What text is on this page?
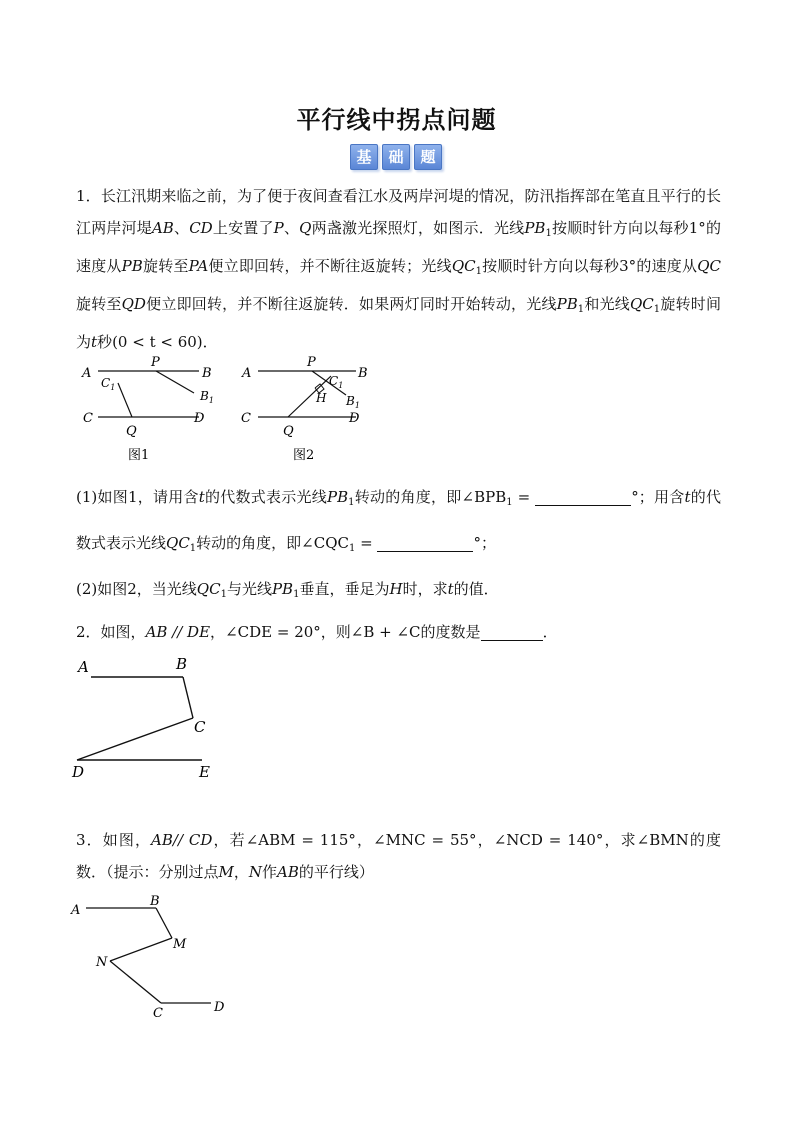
平行线中拐点问题
基	础	题
1．长江汛期来临之前，为了便于夜间查看江水及两岸河堤的情况，防汛指挥部在笔直且平行的长江两岸河堤AB、CD上安置了P、Q两盏激光探照灯，如图示．光线$PB_1$按顺时针方向以每秒1°的速度从PB旋转至PA便立即回转，并不断往返旋转；光线$QC_1$按顺时针方向以每秒3°的速度从QC旋转至QD便立即回转，并不断往返旋转．如果两灯同时开始转动，光线$PB_1$和光线$QC_1$旋转时间为t秒(0 < t < 60)．
A
P
B
$C_1$
$B_1$
C
Q
D
图1
A
P
B
$C_1$
H $B_1$
C
Q
D
图2
(1)如图1，请用含t的代数式表示光线$PB_1$转动的角度，即$\angle BPB_1$ =	°；用含t的代数式表示光线$QC_1$转动的角度，即$\angle CQC_1$ =	°；
(2)如图2，当光线$QC_1$与光线$PB_1$垂直，垂足为H时，求t的值．
2．如图，AB // DE，∠CDE = 20°，则∠B + ∠C的度数是	．
A	B
C
D	E
3．如图，AB// CD，若∠ABM = 115°，∠MNC = 55°，∠NCD = 140°，求∠BMN的度数．（提示：分别过点M，N作AB的平行线）
A
B
M
N
C	D
